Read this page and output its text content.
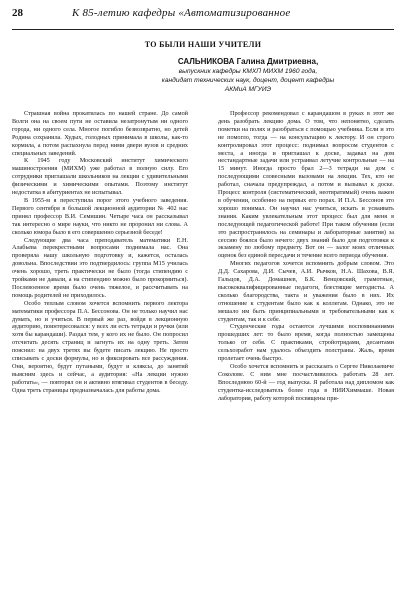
28	К 85-летию кафедры «Автоматизированное
ТО БЫЛИ НАШИ УЧИТЕЛИ
САЛЬНИКОВА Галина Дмитриевна,
выпускник кафедры КМХП МИХМ 1960 года,
кандидат технических наук, доцент, доцент кафедры АКМиА МГУИЭ

Страшная война прокатилась по нашей стране. До самой Волги она на своем пути не оставила незатронутым ни одного города, ни одного села. Многое погибло безвозвратно, но детей Родина сохранила. Худых, голодных принимала в школы, как-то кормила, а потом распахнула перед ними двери вузов и средних специальных заведений.

К 1945 году Московский институт химического машиностроения (МИХМ) уже работал в полную силу. Его сотрудники приглашали школьников на лекции с удивительными физическими и химическими опытами. Поэтому институт недостатка в абитуриентах не испытывал.

В 1955-м я переступила порог этого учебного заведения. Первого сентября в большой лекционной аудитории № 402 нас принял профессор В.И. Семишин. Четыре часа он рассказывал так интересно о мире науки, что никто не проронил ни слова. А сколько юмора было в его совершенно серьезной беседе!

Следующие два часа преподаватель математики Е.Н. Алабьева перекрестными вопросами поднимала нас. Она проверяла нашу школьную подготовку и, кажется, осталась довольна. Впоследствии это подтвердилось: группа М15 училась очень хорошо, треть практически не было (тогда стипендию с тройками не давали, а на стипендию можно было прокормиться). Послевоенное время было очень тяжелое, и рассчитывать на помощь родителей не приходилось.

Особо теплым словом хочется вспомнить первого лектора математики профессора П.А. Бессонова. Он не только научил нас думать, но и учиться. В первый же раз, войдя в лекционную аудиторию, поинтересовался: у всех ли есть тетради и ручки (или хотя бы карандаши). Раздал тем, у кого их не было. Он попросил отсчитать десять страниц и загнуть их на одну треть. Затем пояснил: на двух третях вы будете писать лекцию. Не просто списывать с доски формулы, но и фиксировать все рассуждения. Они, вероятно, будут путаными, будут и кляксы, до занятий выясним здесь и сейчас, а аудитория: «На лекции нужно работать», — повторял он и активно втягивал студентов в беседу. Одна треть страницы предназначалась для работы дома.

Профессор рекомендовал с карандашом в руках в этот же день разобрать лекцию дома. О том, что непонятно, сделать пометки на полях и разобраться с помощью учебника. Если и это не помогло, тогда — на консультацию к лектору. И он строго контролировал этот процесс: поднимал вопросом студентов с места, а иногда и приглашал к доске, задавал на дом нестандартные задачи или устраивал летучие контрольные — на 15 минут. Иногда просто брал 2—3 тетради на дом с последующими словесными вызовами на лекции. Тех, кто не работал, сначала предупреждал, а потом и вызывал к доске. Процесс контроля (систематический, неотвратимый) очень важен в обучении, особенно на первых его порах. И П.А. Бессонов это хорошо понимал. Он научил нас учиться, искать и усваивать знания. Каким увлекательным этот процесс был для меня в последующей педагогической работе! При таком обучении (если это распространялось на семинары и лабораторные занятия) за сессию боялся было нечего: двух знаний было для подготовки к экзамену по любому предмету. Вот он — залог моих отличных оценок без единой пересдачи и течение всего периода обучения.

Многих педагогов хочется вспомнить добрым словом. Это Д.Д. Сахарова, Д.И. Сычев, А.И. Рычков, Н.А. Шахова, В.Я. Гальцов, Д.А. Домашнев, Б.К. Венцовский, грамотные, высококвалифицированные педагоги, блестящие методисты. А сколько благородства, такта и уважения было в них. Их отношение к студентам было как к коллегам. Однако, это не мешало им быть принципиальными и требовательными как к студентам, так и к себе.

Студенческие годы остаются лучшими воспоминаниями прошедших лет: то было время, когда полностью замещены только от себя. С практиками, стройотрядами, десантами сельхозработ нам удалось объездить полстраны. Жаль, время пролетает очень быстро.

Особо хочется вспомнить и рассказать о Сергее Николаевиче Соколове. С ним мне посчастливилось работать 28 лет. Впоследнюю 60-й — год выпуска. Я работала над дипломом как студентка-исследователь более года в НИИХиммаше. Новая лаборатория, работу которой посвящены при-
